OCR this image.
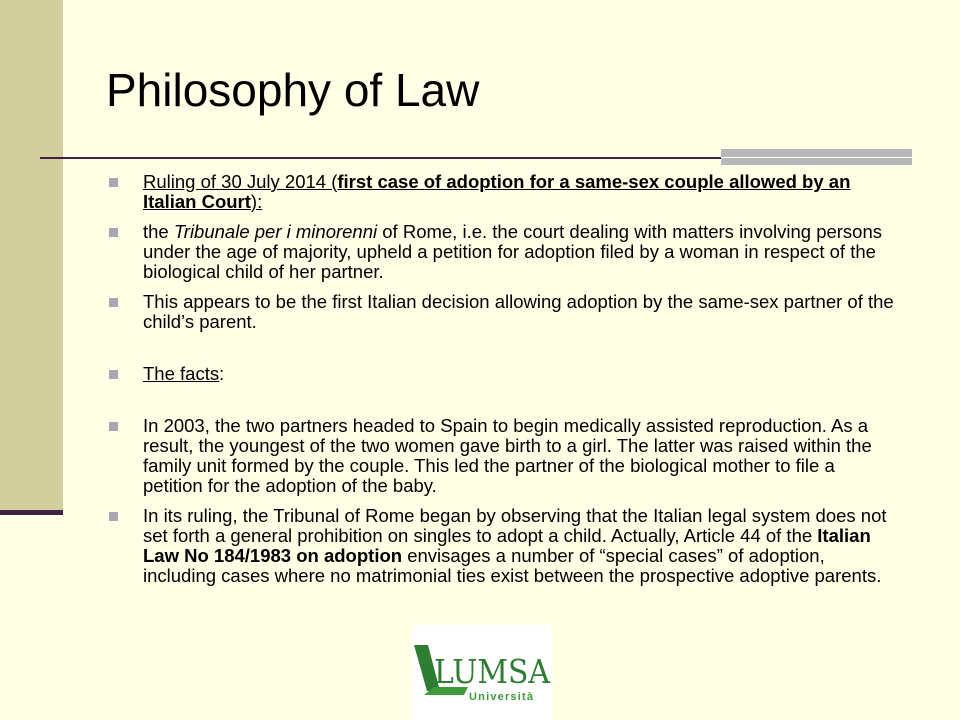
Philosophy of Law
Ruling of 30 July 2014 (first case of adoption for a same-sex couple allowed by an Italian Court):
the Tribunale per i minorenni of Rome, i.e. the court dealing with matters involving persons under the age of majority, upheld a petition for adoption filed by a woman in respect of the biological child of her partner.
This appears to be the first Italian decision allowing adoption by the same-sex partner of the child’s parent.
The facts:
In 2003, the two partners headed to Spain to begin medically assisted reproduction. As a result, the youngest of the two women gave birth to a girl. The latter was raised within the family unit formed by the couple. This led the partner of the biological mother to file a petition for the adoption of the baby.
In its ruling, the Tribunal of Rome began by observing that the Italian legal system does not set forth a general prohibition on singles to adopt a child. Actually, Article 44 of the Italian Law No 184/1983 on adoption envisages a number of “special cases” of adoption, including cases where no matrimonial ties exist between the prospective adoptive parents.
LUMSA
Università
